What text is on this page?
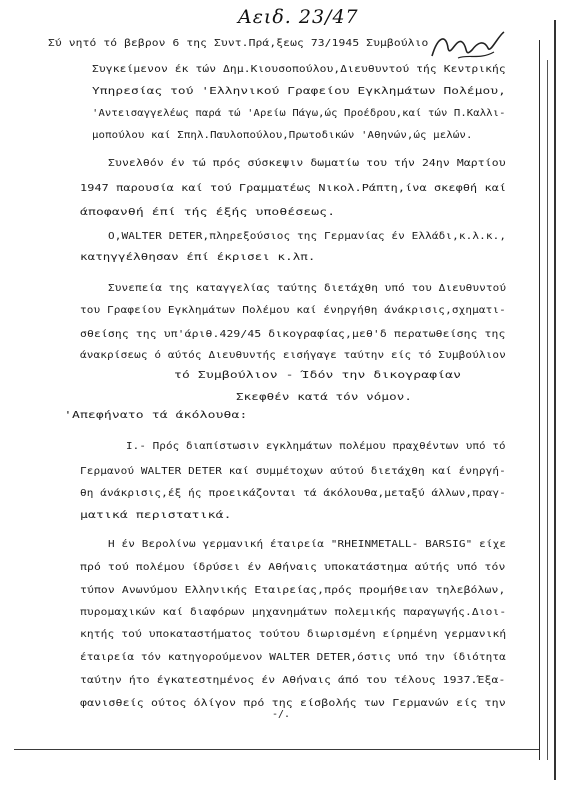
Αειδ. 23/47
Σύ νητό τό βεβρον 6 της Συντ.Πρά,ξεως 73/1945 Συμβούλιο
Συγκείμενον έκ τών Δημ.Κιουσοπούλου,Διευθυντού τής Κεντρικής
Υπηρεσίας τού 'Ελληνικού Γραφείου Εγκλημάτων Πολέμου,
'Αντεισαγγελέως παρά τώ 'Αρείω Πάγω,ώς Προέδρου,καί τών Π.Καλλι-
μοπούλου καί Σπηλ.Παυλοπούλου,Πρωτοδικών 'Αθηνών,ώς μελών.
Συνελθόν έν τώ πρός σύσκεψιν δωματίω του τήν 24ην Μαρτίου
1947 παρουσία καί τού Γραμματέως Νικολ.Ράπτη,ίνα σκεφθή καί
άποφανθή έπί τής έξής υποθέσεως.
Ο,WALTER DETER,πληρεξούσιος της Γερμανίας έν Ελλάδι,κ.λ.κ.,
κατηγγέλθησαν έπί έκρισει κ.λπ.
Συνεπεία της καταγγελίας ταύτης διετάχθη υπό του Διευθυντού
του Γραφείου Εγκλημάτων Πολέμου καί ένηργήθη άνάκρισις,σχηματι-
σθείσης της υπ'άριθ.429/45 δικογραφίας,μεθ'δ περατωθείσης της
άνακρίσεως ό αύτός Διευθυντής εισήγαγε ταύτην είς τό Συμβούλιον
τό Συμβούλιον - Ίδόν την δικογραφίαν
Σκεφθέν κατά τόν νόμον.
'Απεφήνατο τά άκόλουθα:
I.- Πρός διαπίστωσιν εγκλημάτων πολέμου πραχθέντων υπό τό
Γερμανού WALTER DETER καί συμμέτοχων αύτού διετάχθη καί ένηργή-
θη άνάκρισις,έξ ής προεικάζονται τά άκόλουθα,μεταξύ άλλων,πραγ-
ματικά περιστατικά.
Η έν Βερολίνω γερμανική έταιρεία "RHEINMETALL- BARSIG" είχε
πρό τού πολέμου ίδρύσει έν Αθήναις υποκατάστημα αύτής υπό τόν
τύπον Ανωνύμου Ελληνικής Εταιρείας,πρός προμήθειαν τηλεβόλων,
πυρομαχικών καί διαφόρων μηχανημάτων πολεμικής παραγωγής.Διοι-
κητής τού υποκαταστήματος τούτου διωρισμένη είρημένη γερμανική
έταιρεία τόν κατηγορούμενον WALTER DETER,όστις υπό την ίδιότητα
ταύτην ήτο έγκατεστημένος έν Αθήναις άπό του τέλους 1937.Έξα-
φανισθείς ούτος όλίγον πρό της είσβολής των Γερμανών είς την
-/.
